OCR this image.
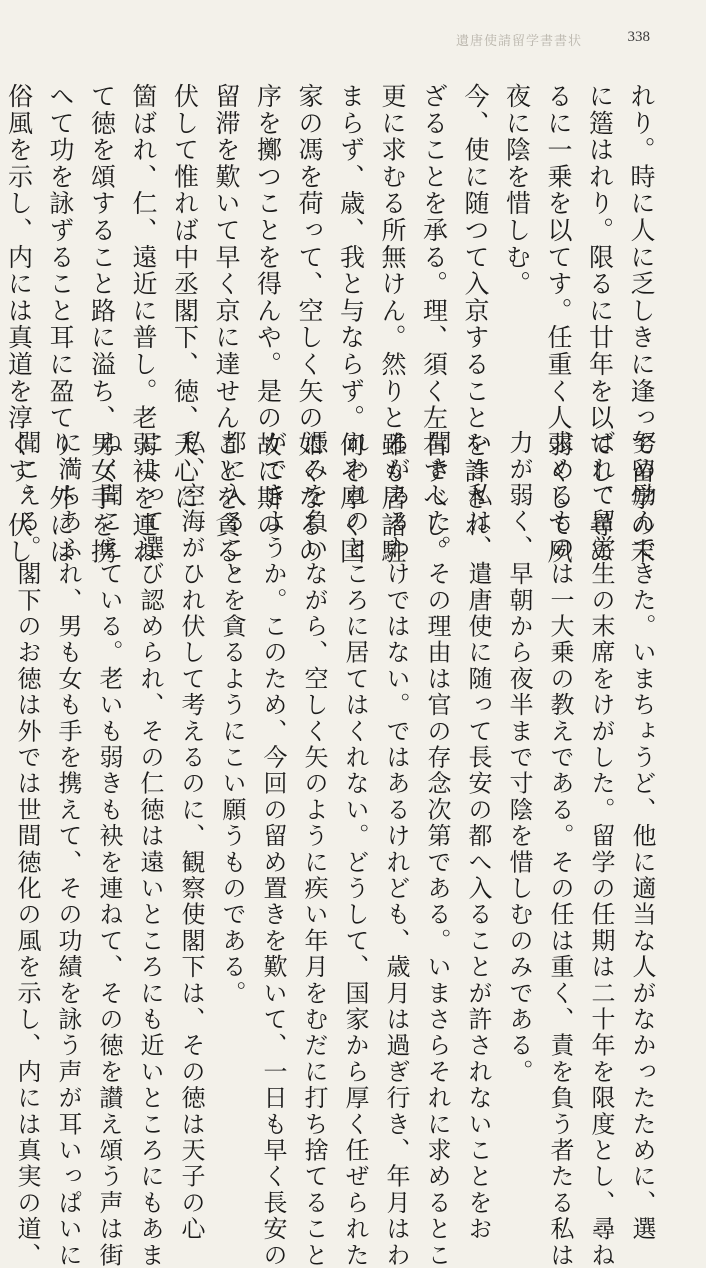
遺唐使請留学書書状	338
れり。時に人に乏しきに逢って留学の末
に簉はれり。限るに廿年を以てし、尋ぬ
るに一乗を以てす。任重く人弱くして夙
夜に陰を惜しむ。
今、使に随つて入京することを許され
ざることを承る。理、須く左右すべし。
更に求むる所無けん。然りと雖も居諸駐
まらず、歳、我と与ならず。何ぞ厚く国
家の馮を荷って、空しく矢の如くなるの
序を擲つことを得んや。是の故に斯の
留滞を歎いて早く京に達せんことを貪る。
伏して惟れば中丞閣下、徳、天心に
箇ばれ、仁、遠近に普し。老弱袂を連ね
て徳を頌すること路に溢ち、男女手を携
へて功を詠ずること耳に盈てり。外には
俗風を示し、内には真道を淳くす。伏し
努め励んできた。いまちょうど、他に適当な人がなかったために、選
ばれて留学生の末席をけがした。留学の任期は二十年を限度とし、尋ね
求めるものは一大乗の教えである。その任は重く、責を負う者たる私は
力が弱く、早朝から夜半まで寸陰を惜しむのみである。
いま私は、遣唐使に随って長安の都へ入ることが許されないことをお
聞きした。その理由は官の存念次第である。いまさらそれに求めるとこ
ろがあるわけではない。ではあるけれども、歳月は過ぎ行き、年月はわ
れわれのところに居てはくれない。どうして、国家から厚く任ぜられた
憑みを負いながら、空しく矢のように疾い年月をむだに打ち捨てること
ができようか。このため、今回の留め置きを歎いて、一日も早く長安の
都に入ることを貪るようにこい願うものである。
私、空海がひれ伏して考えるのに、観察使閣下は、その徳は天子の心
によって選び認められ、その仁徳は遠いところにも近いところにもあま
ねく聞こえている。老いも弱きも袂を連ねて、その徳を讃え頌う声は街
に満ちあふれ、男も女も手を携えて、その功績を詠う声が耳いっぱいに
聞こえる。閣下のお徳は外では世間徳化の風を示し、内には真実の道、
